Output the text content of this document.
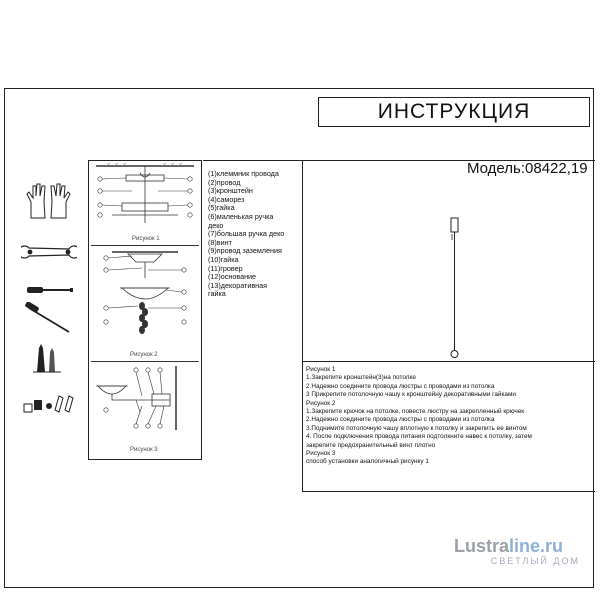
ИНСТРУКЦИЯ
Модель:08422,19
Рисунок 1
Рисунок 2
Рисунок 3
(1)клеммник провода
(2)провод
(3)кронштейн
(4)саморез
(5)гайка
(6)маленькая ручка
деко
(7)большая ручка деко
(8)винт
(9)провод заземления
(10)гайка
(11)гровер
(12)основание
(13)декоративная
гайка
Рисунок 1
1.Закрепите кронштейн(3)на потолке
2.Надежно соедините провода люстры с проводами из потолка
3 Прикрепите потолочную чашу к кронштейну декоративными гайками
Рисунок 2
1.Закрепите крючок на потолке, повесте люстру на закрепленный крючек
2.Надежно соедините провода люстры с проводами из потолка
3.Поднимите потолочную чашу вплотную к потолку и закрепить ее винтом
4. После подключения провода питания подтолкните навес к потолку, затем
закрепите предохранительный винт плотно
Рисунок 3
способ установки аналогичный рисунку 1
Lustraline.ru
СВЕТЛЫЙ ДОМ
